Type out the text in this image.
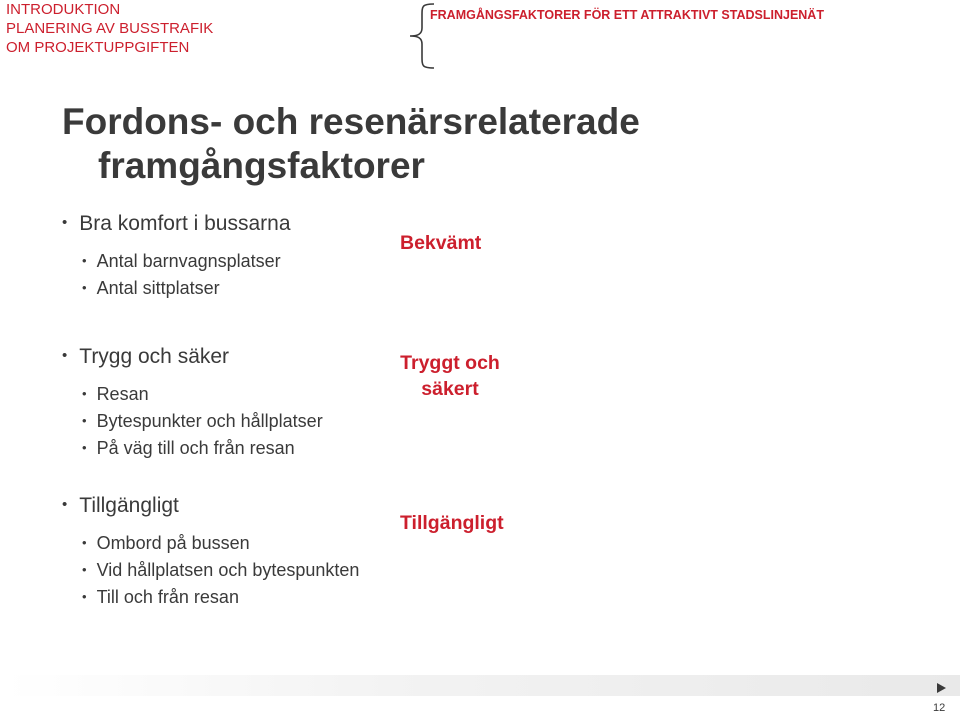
INTRODUKTION
PLANERING AV BUSSTRAFIK
OM PROJEKTUPPGIFTEN
FRAMGÅNGSFAKTORER FÖR ETT ATTRAKTIVT STADSLINJENÄT
Fordons- och resenärsrelaterade
framgångsfaktorer
• Bra komfort i bussarna
• Antal barnvagnsplatser
• Antal sittplatser
Bekvämt
• Trygg och säker
• Resan
• Bytespunkter och hållplatser
• På väg till och från resan
Tryggt och
säkert
• Tillgängligt
• Ombord på bussen
• Vid hållplatsen och bytespunkten
• Till och från resan
Tillgängligt
12
